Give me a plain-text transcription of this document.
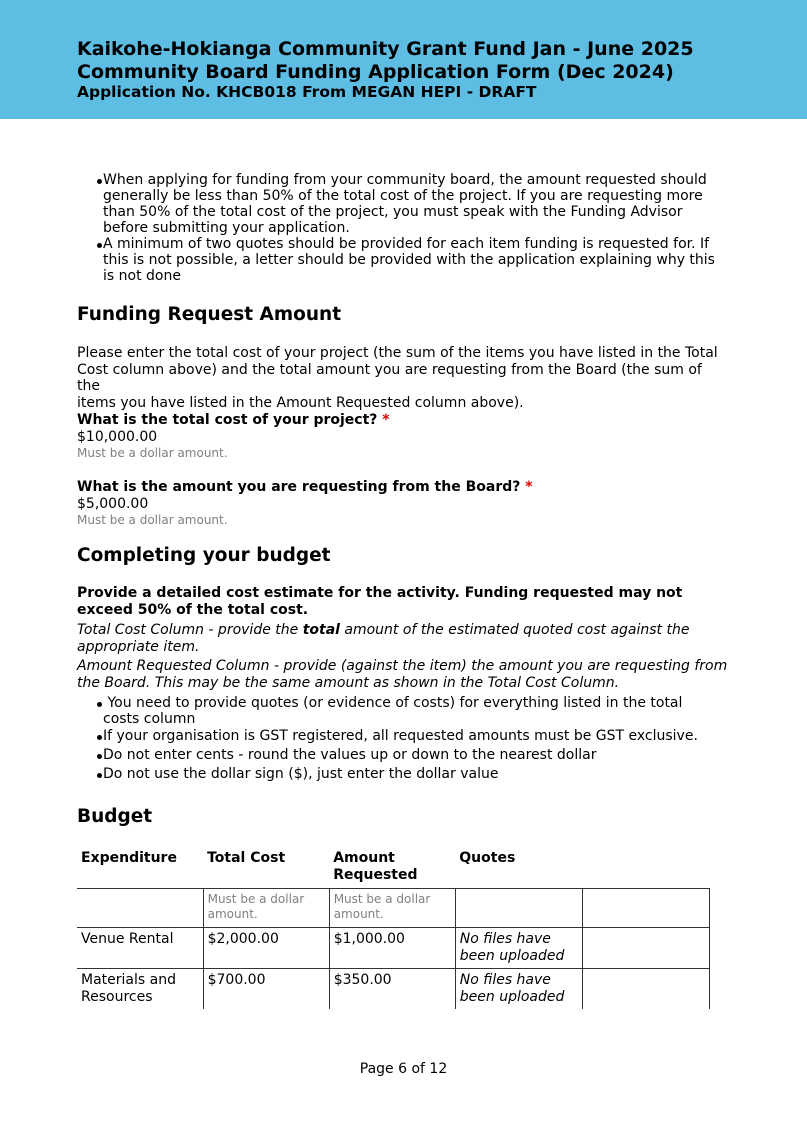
Kaikohe-Hokianga Community Grant Fund Jan - June 2025
Community Board Funding Application Form (Dec 2024)
Application No. KHCB018 From MEGAN HEPI - DRAFT
When applying for funding from your community board, the amount requested should
generally be less than 50% of the total cost of the project. If you are requesting more
than 50% of the total cost of the project, you must speak with the Funding Advisor
before submitting your application.
A minimum of two quotes should be provided for each item funding is requested for. If
this is not possible, a letter should be provided with the application explaining why this
is not done
Funding Request Amount
Please enter the total cost of your project (the sum of the items you have listed in the Total
Cost column above) and the total amount you are requesting from the Board (the sum of the
items you have listed in the Amount Requested column above).
What is the total cost of your project? *
$10,000.00
Must be a dollar amount.
What is the amount you are requesting from the Board? *
$5,000.00
Must be a dollar amount.
Completing your budget
Provide a detailed cost estimate for the activity. Funding requested may not
exceed 50% of the total cost.
Total Cost Column - provide the total amount of the estimated quoted cost against the
appropriate item.
Amount Requested Column - provide (against the item) the amount you are requesting from
the Board. This may be the same amount as shown in the Total Cost Column.
You need to provide quotes (or evidence of costs) for everything listed in the total
costs column
If your organisation is GST registered, all requested amounts must be GST exclusive.
Do not enter cents - round the values up or down to the nearest dollar
Do not use the dollar sign ($), just enter the dollar value
Budget
Expenditure	Total Cost	Amount Requested	Quotes	

	Must be a dollar amount.	Must be a dollar amount.		

Venue Rental	$2,000.00	$1,000.00	No files have been uploaded	
Materials and Resources	$700.00	$350.00	No files have been uploaded	
Page 6 of 12
